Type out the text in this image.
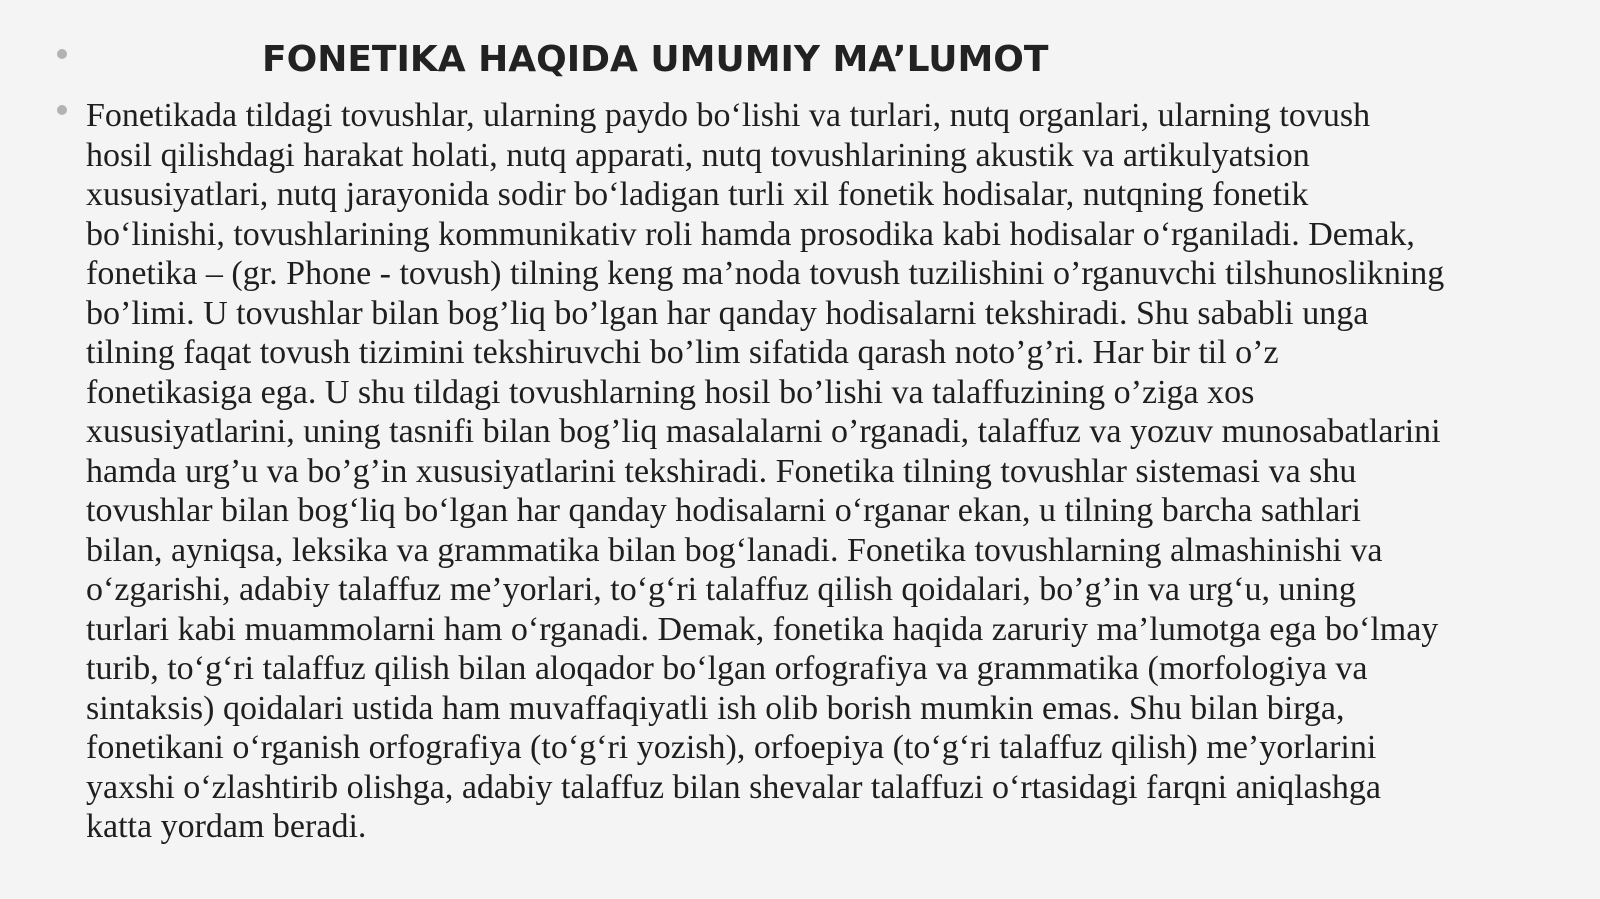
FONETIKA HAQIDA UMUMIY MA’LUMOT

Fonetikada tildagi tovushlar, ularning paydo bo‘lishi va turlari, nutq organlari, ularning tovush
hosil qilishdagi harakat holati, nutq apparati, nutq tovushlarining akustik va artikulyatsion
xususiyatlari, nutq jarayonida sodir bo‘ladigan turli xil fonetik hodisalar, nutqning fonetik
bo‘linishi, tovushlarining kommunikativ roli hamda prosodika kabi hodisalar o‘rganiladi. Demak,
fonetika – (gr. Phone - tovush) tilning keng ma’noda tovush tuzilishini o’rganuvchi tilshunoslikning
bo’limi. U tovushlar bilan bog’liq bo’lgan har qanday hodisalarni tekshiradi. Shu sababli unga
tilning faqat tovush tizimini tekshiruvchi bo’lim sifatida qarash noto’g’ri. Har bir til o’z
fonetikasiga ega. U shu tildagi tovushlarning hosil bo’lishi va talaffuzining o’ziga xos
xususiyatlarini, uning tasnifi bilan bog’liq masalalarni o’rganadi, talaffuz va yozuv munosabatlarini
hamda urg’u va bo’g’in xususiyatlarini tekshiradi. Fonetika tilning tovushlar sistemasi va shu
tovushlar bilan bog‘liq bo‘lgan har qanday hodisalarni o‘rganar ekan, u tilning barcha sathlari
bilan, ayniqsa, leksika va grammatika bilan bog‘lanadi. Fonetika tovushlarning almashinishi va
o‘zgarishi, adabiy talaffuz me’yorlari, to‘g‘ri talaffuz qilish qoidalari, bo’g’in va urg‘u, uning
turlari kabi muammolarni ham o‘rganadi. Demak, fonetika haqida zaruriy ma’lumotga ega bo‘lmay
turib, to‘g‘ri talaffuz qilish bilan aloqador bo‘lgan orfografiya va grammatika (morfologiya va
sintaksis) qoidalari ustida ham muvaffaqiyatli ish olib borish mumkin emas. Shu bilan birga,
fonetikani o‘rganish orfografiya (to‘g‘ri yozish), orfoepiya (to‘g‘ri talaffuz qilish) me’yorlarini
yaxshi o‘zlashtirib olishga, adabiy talaffuz bilan shevalar talaffuzi o‘rtasidagi farqni aniqlashga
katta yordam beradi.
